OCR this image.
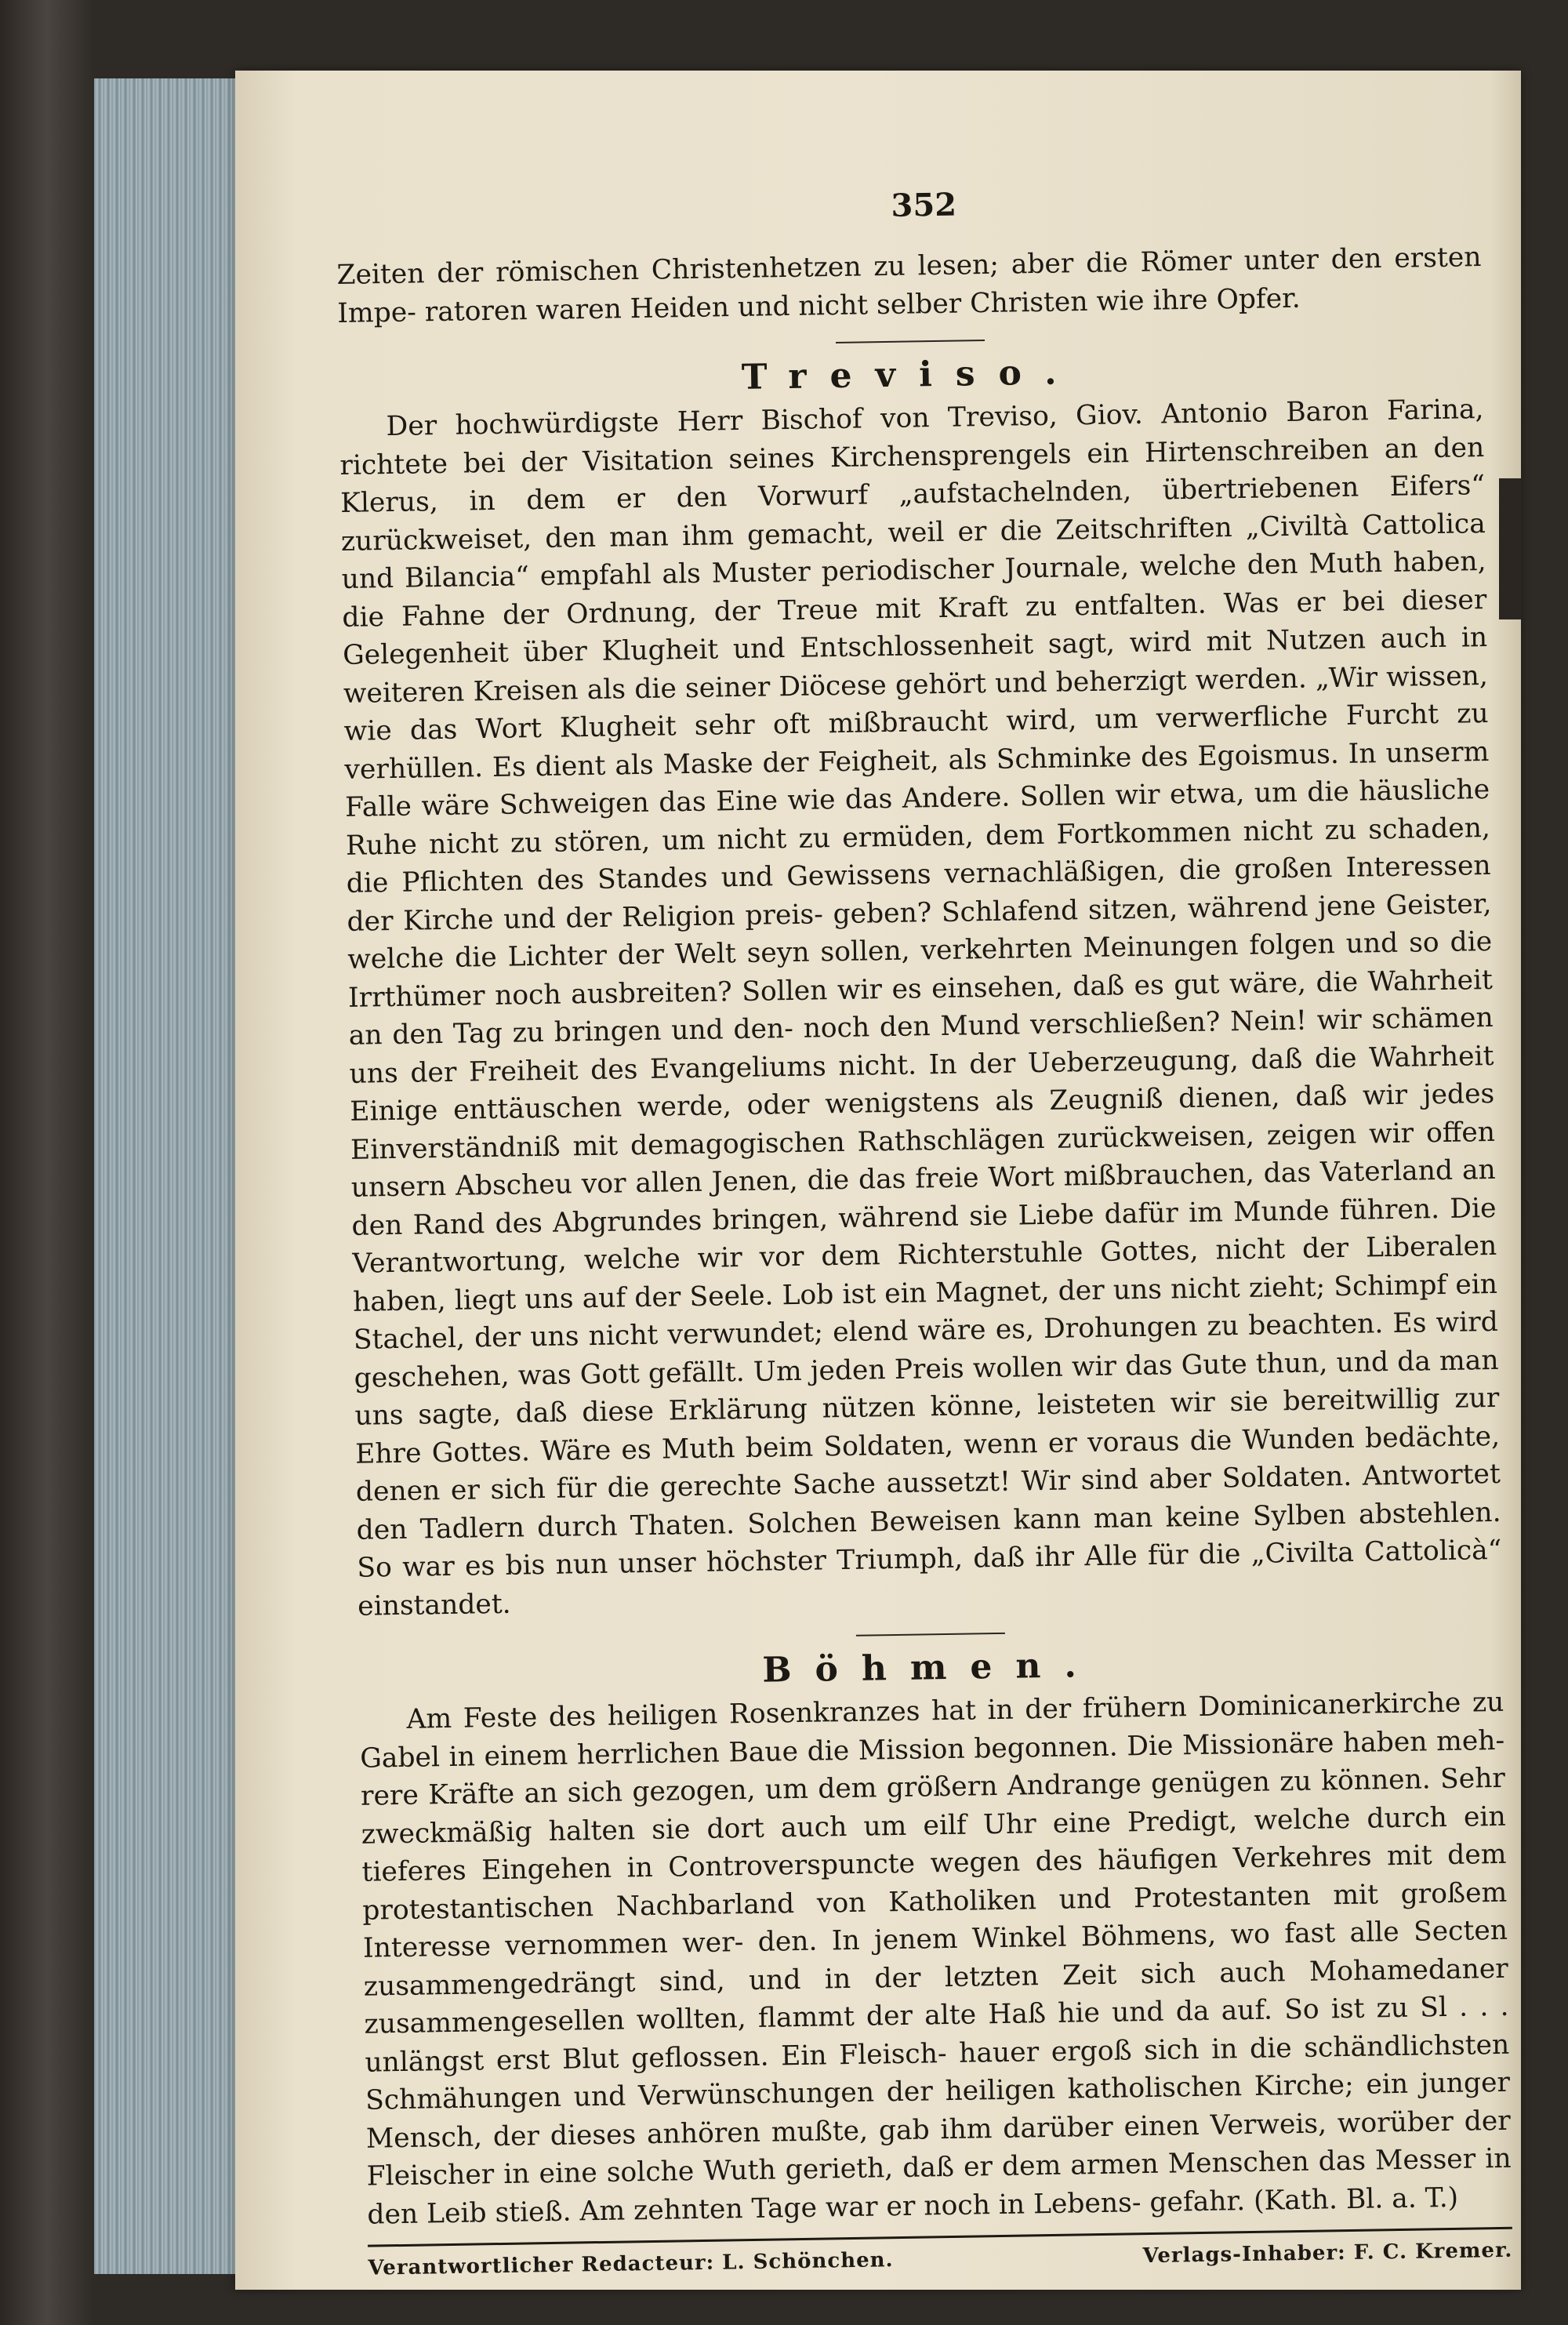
352

Zeiten der römischen Christenhetzen zu lesen; aber die Römer unter den ersten Impe- ratoren waren Heiden und nicht selber Christen wie ihre Opfer.

Treviso.

Der hochwürdigste Herr Bischof von Treviso, Giov. Antonio Baron Farina, richtete bei der Visitation seines Kirchensprengels ein Hirtenschreiben an den Klerus, in dem er den Vorwurf „aufstachelnden, übertriebenen Eifers“ zurückweiset, den man ihm gemacht, weil er die Zeitschriften „Civiltà Cattolica und Bilancia“ empfahl als Muster periodischer Journale, welche den Muth haben, die Fahne der Ordnung, der Treue mit Kraft zu entfalten. Was er bei dieser Gelegenheit über Klugheit und Entschlossenheit sagt, wird mit Nutzen auch in weiteren Kreisen als die seiner Diöcese gehört und beherzigt werden. „Wir wissen, wie das Wort Klugheit sehr oft mißbraucht wird, um verwerfliche Furcht zu verhüllen. Es dient als Maske der Feigheit, als Schminke des Egoismus. In unserm Falle wäre Schweigen das Eine wie das Andere. Sollen wir etwa, um die häusliche Ruhe nicht zu stören, um nicht zu ermüden, dem Fortkommen nicht zu schaden, die Pflichten des Standes und Gewissens vernachläßigen, die großen Interessen der Kirche und der Religion preis- geben? Schlafend sitzen, während jene Geister, welche die Lichter der Welt seyn sollen, verkehrten Meinungen folgen und so die Irrthümer noch ausbreiten? Sollen wir es einsehen, daß es gut wäre, die Wahrheit an den Tag zu bringen und den- noch den Mund verschließen? Nein! wir schämen uns der Freiheit des Evangeliums nicht. In der Ueberzeugung, daß die Wahrheit Einige enttäuschen werde, oder wenigstens als Zeugniß dienen, daß wir jedes Einverständniß mit demagogischen Rathschlägen zurückweisen, zeigen wir offen unsern Abscheu vor allen Jenen, die das freie Wort mißbrauchen, das Vaterland an den Rand des Abgrundes bringen, während sie Liebe dafür im Munde führen. Die Verantwortung, welche wir vor dem Richterstuhle Gottes, nicht der Liberalen haben, liegt uns auf der Seele. Lob ist ein Magnet, der uns nicht zieht; Schimpf ein Stachel, der uns nicht verwundet; elend wäre es, Drohungen zu beachten. Es wird geschehen, was Gott gefällt. Um jeden Preis wollen wir das Gute thun, und da man uns sagte, daß diese Erklärung nützen könne, leisteten wir sie bereitwillig zur Ehre Gottes. Wäre es Muth beim Soldaten, wenn er voraus die Wunden bedächte, denen er sich für die gerechte Sache aussetzt! Wir sind aber Soldaten. Antwortet den Tadlern durch Thaten. Solchen Beweisen kann man keine Sylben abstehlen. So war es bis nun unser höchster Triumph, daß ihr Alle für die „Civilta Cattolicà“ einstandet.

Böhmen.

Am Feste des heiligen Rosenkranzes hat in der frühern Dominicanerkirche zu Gabel in einem herrlichen Baue die Mission begonnen. Die Missionäre haben meh- rere Kräfte an sich gezogen, um dem größern Andrange genügen zu können. Sehr zweckmäßig halten sie dort auch um eilf Uhr eine Predigt, welche durch ein tieferes Eingehen in Controverspuncte wegen des häufigen Verkehres mit dem protestantischen Nachbarland von Katholiken und Protestanten mit großem Interesse vernommen wer- den. In jenem Winkel Böhmens, wo fast alle Secten zusammengedrängt sind, und in der letzten Zeit sich auch Mohamedaner zusammengesellen wollten, flammt der alte Haß hie und da auf. So ist zu Sl . . . unlängst erst Blut geflossen. Ein Fleisch- hauer ergoß sich in die schändlichsten Schmähungen und Verwünschungen der heiligen katholischen Kirche; ein junger Mensch, der dieses anhören mußte, gab ihm darüber einen Verweis, worüber der Fleischer in eine solche Wuth gerieth, daß er dem armen Menschen das Messer in den Leib stieß. Am zehnten Tage war er noch in Lebens- gefahr. (Kath. Bl. a. T.)

Verantwortlicher Redacteur: L. Schönchen.	Verlags-Inhaber: F. C. Kremer.
